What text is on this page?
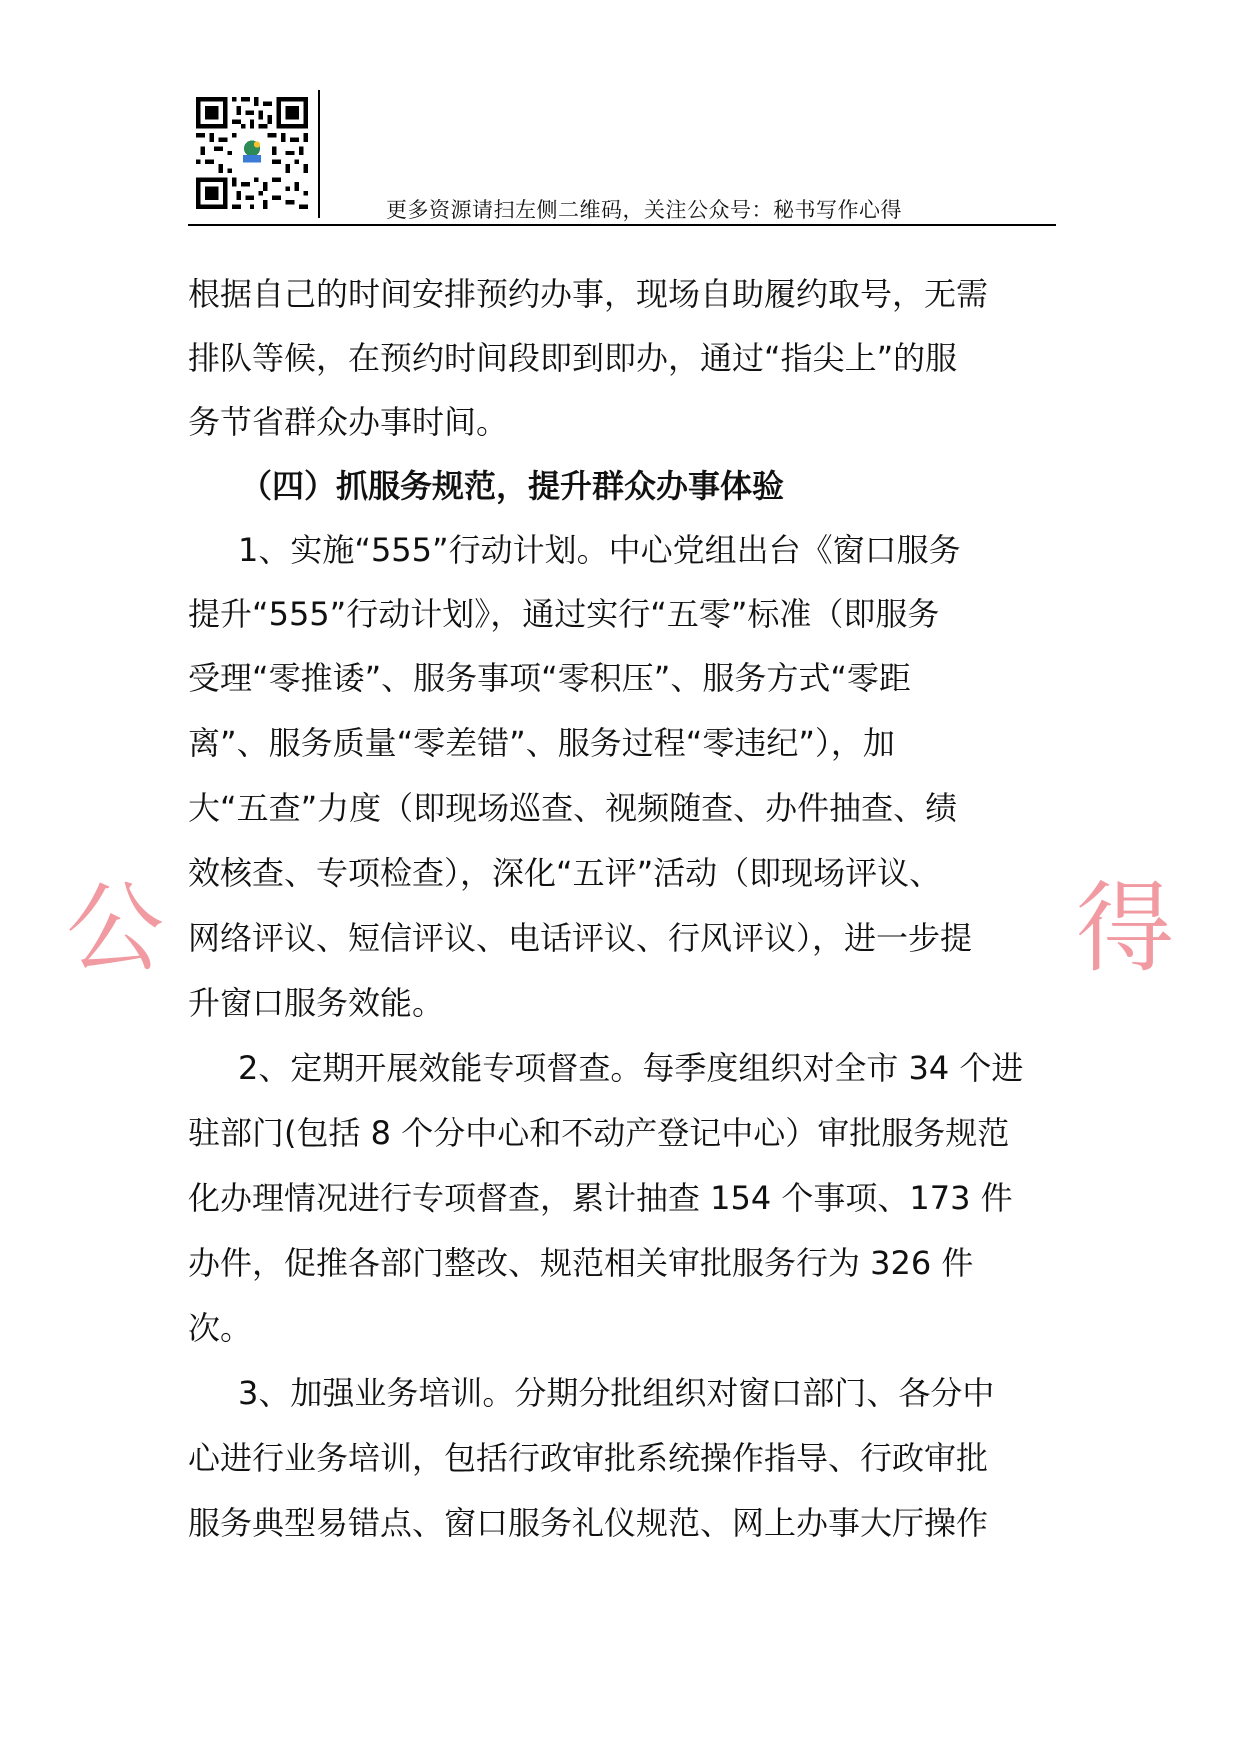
更多资源请扫左侧二维码，关注公众号：秘书写作心得
公	得
根据自己的时间安排预约办事，现场自助履约取号，无需
排队等候，在预约时间段即到即办，通过“指尖上”的服
务节省群众办事时间。
（四）抓服务规范，提升群众办事体验
1、实施“555”行动计划。中心党组出台《窗口服务
提升“555”行动计划》，通过实行“五零”标准（即服务
受理“零推诿”、服务事项“零积压”、服务方式“零距
离”、服务质量“零差错”、服务过程“零违纪”），加
大“五查”力度（即现场巡查、视频随查、办件抽查、绩
效核查、专项检查），深化“五评”活动（即现场评议、
网络评议、短信评议、电话评议、行风评议），进一步提
升窗口服务效能。
2、定期开展效能专项督查。每季度组织对全市 34 个进
驻部门(包括 8 个分中心和不动产登记中心）审批服务规范
化办理情况进行专项督查，累计抽查 154 个事项、173 件
办件，促推各部门整改、规范相关审批服务行为 326 件
次。
3、加强业务培训。分期分批组织对窗口部门、各分中
心进行业务培训，包括行政审批系统操作指导、行政审批
服务典型易错点、窗口服务礼仪规范、网上办事大厅操作
